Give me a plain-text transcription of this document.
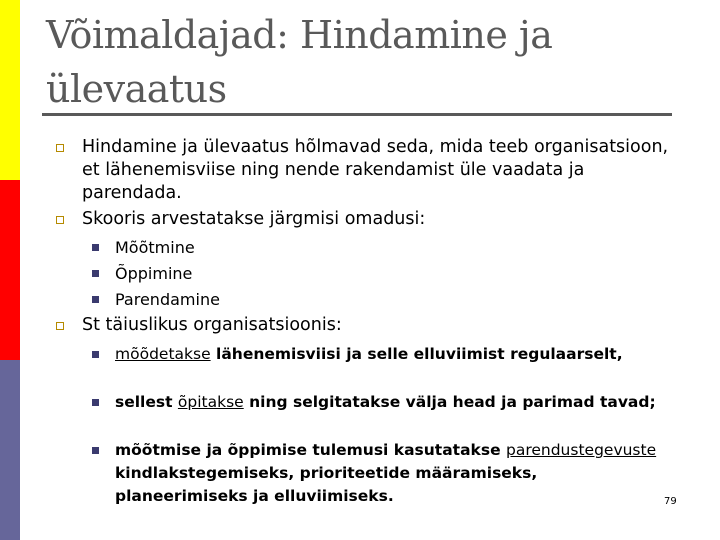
Võimaldajad: Hindamine ja ülevaatus
Hindamine ja ülevaatus hõlmavad seda, mida teeb organisatsioon, et lähenemisviise ning nende rakendamist üle vaadata ja parendada.
Skooris arvestatakse järgmisi omadusi:
Mõõtmine
Õppimine
Parendamine
St täiuslikus organisatsioonis:
mõõdetakse lähenemisviisi ja selle elluviimist regulaarselt,
sellest õpitakse ning selgitatakse välja head ja parimad tavad;
mõõtmise ja õppimise tulemusi kasutatakse parendustegevuste kindlakstegemiseks, prioriteetide määramiseks, planeerimiseks ja elluviimiseks.	79
